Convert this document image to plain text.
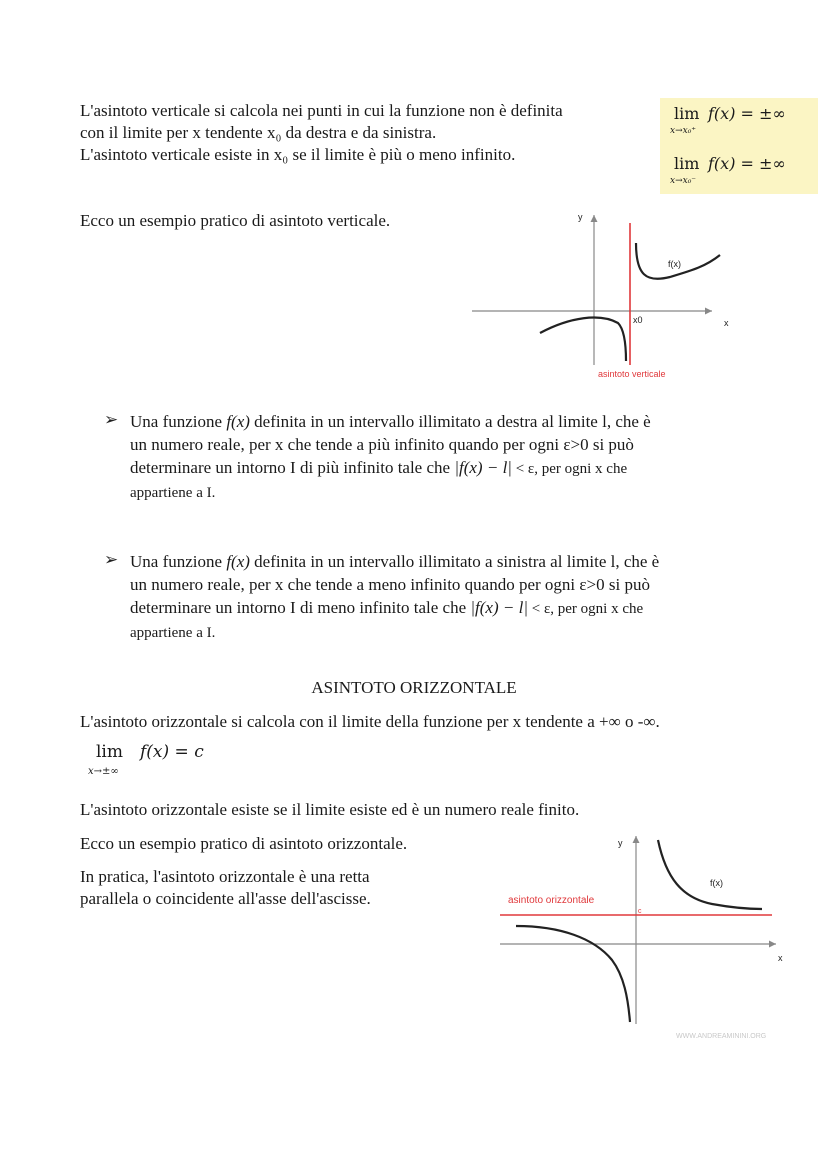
L'asintoto verticale si calcola nei punti in cui la funzione non è definita
con il limite per x tendente x₀ da destra e da sinistra.
L'asintoto verticale esiste in x₀ se il limite è più o meno infinito.
lim
x→x₀⁺
f(x) = ±∞
lim
x→x₀⁻
f(x) = ±∞
Ecco un esempio pratico di asintoto verticale.	y
x
f(x)
x0
asintoto verticale
➢ Una funzione f(x) definita in un intervallo illimitato a destra al limite l, che è
un numero reale, per x che tende a più infinito quando per ogni ε>0 si può
determinare un intorno I di più infinito tale che |f(x) − l| < ε, per ogni x che
appartiene a I.
➢ Una funzione f(x) definita in un intervallo illimitato a sinistra al limite l, che è
un numero reale, per x che tende a meno infinito quando per ogni ε>0 si può
determinare un intorno I di meno infinito tale che |f(x) − l| < ε, per ogni x che
appartiene a I.
ASINTOTO ORIZZONTALE
L'asintoto orizzontale si calcola con il limite della funzione per x tendente a +∞ o -∞.
lim
x→±∞
f(x) = c
L'asintoto orizzontale esiste se il limite esiste ed è un numero reale finito.
Ecco un esempio pratico di asintoto orizzontale.
In pratica, l'asintoto orizzontale è una retta
parallela o coincidente all'asse dell'ascisse.
y
x
f(x)
c
asintoto orizzontale
WWW.ANDREAMININI.ORG
